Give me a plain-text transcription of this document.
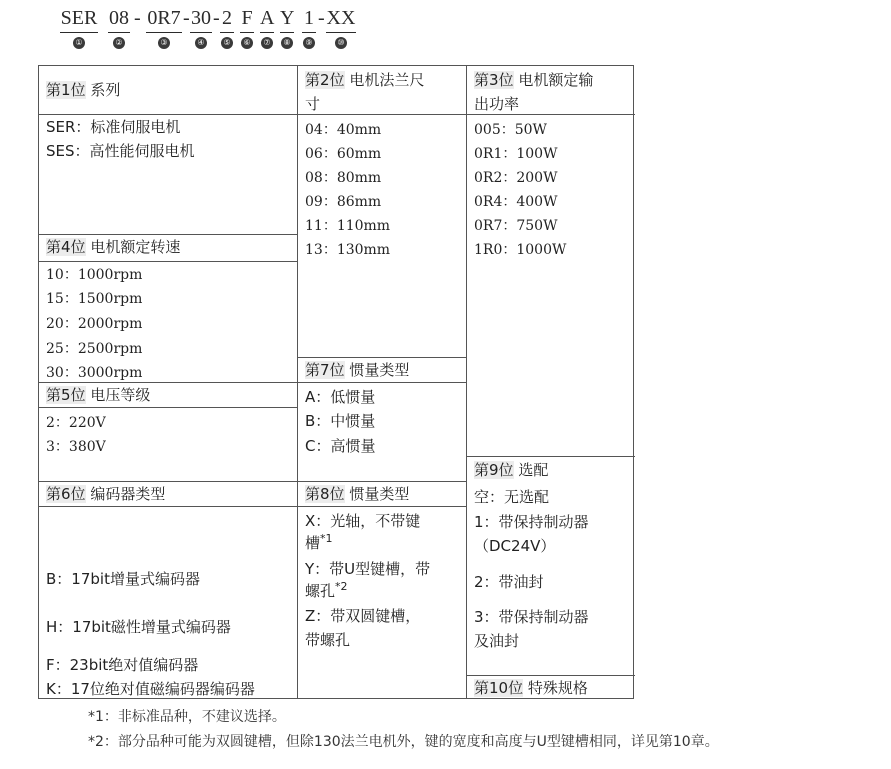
SER
①
08
②
- 0R7
③
- 30
④
- 2
⑤
F
⑥
A
⑦
Y
⑧
1
⑨
- XX
⑩
第1位 系列
SER：标准伺服电机
SES：高性能伺服电机
第4位 电机额定转速
10：1000rpm
15：1500rpm
20：2000rpm
25：2500rpm
30：3000rpm
第5位 电压等级
2：220V
3：380V
第6位 编码器类型
B：17bit增量式编码器
H：17bit磁性增量式编码器
F：23bit绝对值编码器
K：17位绝对值磁编码器编码器
第2位 电机法兰尺
寸
04：40mm
06：60mm
08：80mm
09：86mm
11：110mm
13：130mm
第7位 惯量类型
A：低惯量
B：中惯量
C：高惯量
第8位 惯量类型
X：光轴，不带键
槽$^{*1}$
Y：带U型键槽，带
螺孔$^{*2}$
Z：带双圆键槽，
带螺孔
第3位 电机额定输
出功率
005：50W
0R1：100W
0R2：200W
0R4：400W
0R7：750W
1R0：1000W
第9位 选配
空：无选配
1：带保持制动器
（DC24V）
2：带油封
3：带保持制动器
及油封
第10位 特殊规格
*1：非标准品种，不建议选择。
*2：部分品种可能为双圆键槽，但除130法兰电机外，键的宽度和高度与U型键槽相同，详见第10章。
